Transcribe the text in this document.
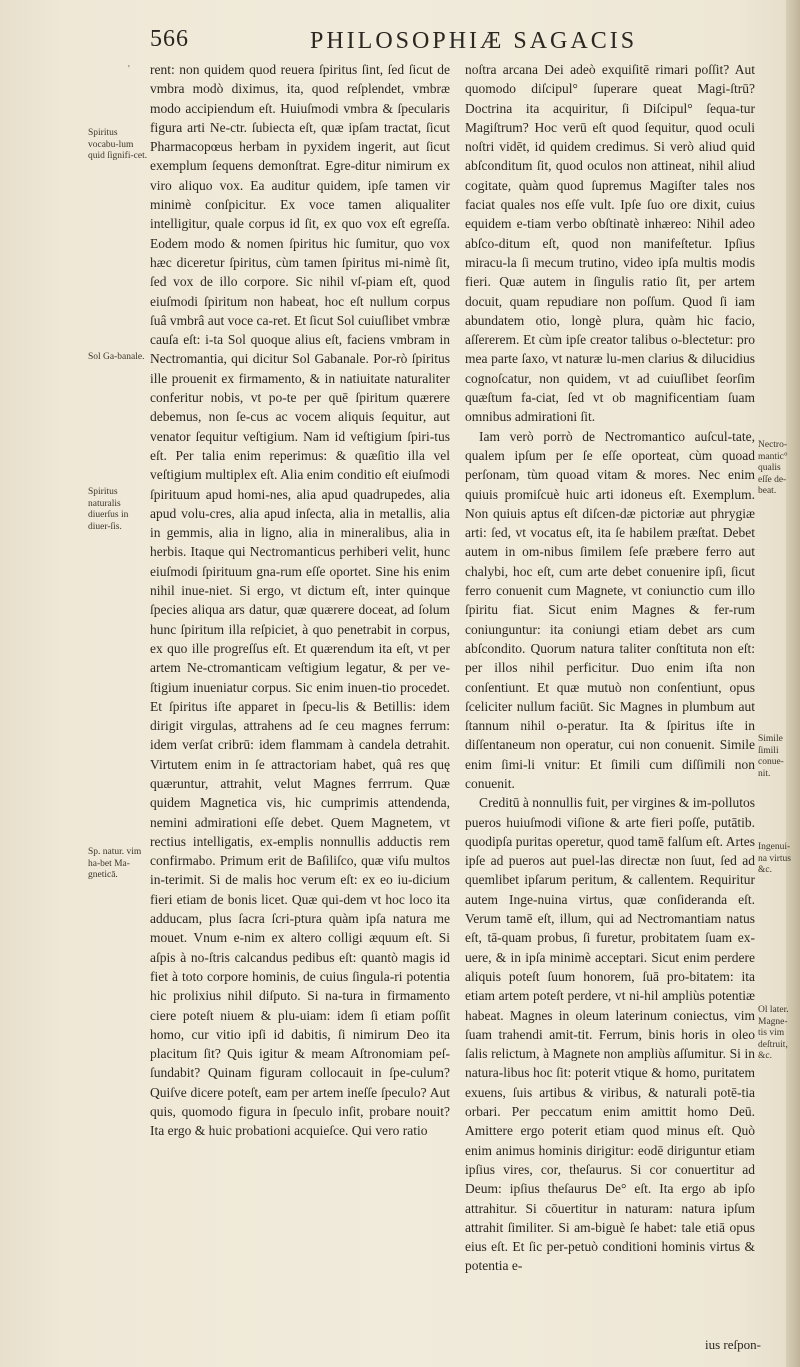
'
566	PHILOSOPHIÆ SAGACIS

rent: non quidem quod reuera ſpiritus ſint, ſed ſicut de vmbra modò diximus, ita, quod reſplendet, vmbræ modo accipiendum eſt. Huiuſmodi vmbra & ſpecularis figura arti Ne-ctr. ſubiecta eſt, quæ ipſam tractat, ſicut Pharmacopœus herbam in pyxidem ingerit, aut ſicut exemplum ſequens demonſtrat. Egre-ditur nimirum ex viro aliquo vox. Ea auditur quidem, ipſe tamen vir minimè conſpicitur. Ex voce tamen aliqualiter intelligitur, quale corpus id ſit, ex quo vox eſt egreſſa. Eodem modo & nomen ſpiritus hic ſumitur, quo vox hæc diceretur ſpiritus, cùm tamen ſpiritus mi-nimè ſit, ſed vox de illo corpore. Sic nihil vſ-piam eſt, quod eiuſmodi ſpiritum non habeat, hoc eſt nullum corpus ſuâ vmbrâ aut voce ca-ret. Et ſicut Sol cuiuſlibet vmbræ cauſa eſt: i-ta Sol quoque alius eſt, faciens vmbram in Nectromantia, qui dicitur Sol Gabanale. Por-rò ſpiritus ille prouenit ex firmamento, & in natiuitate naturaliter conferitur nobis, vt po-te per quē ſpiritum quærere debemus, non ſe-cus ac vocem aliquis ſequitur, aut venator ſequitur veſtigium. Nam id veſtigium ſpiri-tus eſt. Per talia enim reperimus: & quæſitio illa vel veſtigium multiplex eſt. Alia enim conditio eſt eiuſmodi ſpirituum apud homi-nes, alia apud quadrupedes, alia apud volu-cres, alia apud inſecta, alia in metallis, alia in gemmis, alia in ligno, alia in mineralibus, alia in herbis. Itaque qui Nectromanticus perhiberi velit, hunc eiuſmodi ſpirituum gna-rum eſſe oportet. Sine his enim nihil inue-niet. Si ergo, vt dictum eſt, inter quinque ſpecies aliqua ars datur, quæ quærere doceat, ad ſolum hunc ſpiritum illa reſpiciet, à quo penetrabit in corpus, ex quo ille progreſſus eſt. Et quærendum ita eſt, vt per artem Ne-ctromanticam veſtigium legatur, & per ve-ſtigium inueniatur corpus. Sic enim inuen-tio procedet. Et ſpiritus iſte apparet in ſpecu-lis & Betillis: idem dirigit virgulas, attrahens ad ſe ceu magnes ferrum: idem verſat cribrū: idem flammam à candela detrahit. Virtutem enim in ſe attractoriam habet, quâ res quę quæruntur, attrahit, velut Magnes ferrrum. Quæ quidem Magnetica vis, hic cumprimis attendenda, nemini admirationi eſſe debet. Quem Magnetem, vt rectius intelligatis, ex-emplis nonnullis adductis rem confirmabo. Primum erit de Baſiliſco, quæ viſu multos in-terimit. Si de malis hoc verum eſt: ex eo iu-dicium fieri etiam de bonis licet. Quæ qui-dem vt hoc loco ita adducam, plus ſacra ſcri-ptura quàm ipſa natura me mouet. Vnum e-nim ex altero colligi æquum eſt. Si aſpis à no-ſtris calcandus pedibus eſt: quantò magis id fiet à toto corpore hominis, de cuius ſingula-ri potentia hic prolixius nihil diſputo. Si na-tura in firmamento ciere poteſt niuem & plu-uiam: idem ſi etiam poſſit homo, cur vitio ipſi id dabitis, ſi nimirum Deo ita placitum ſit? Quis igitur & meam Aſtronomiam peſ-ſundabit? Quinam figuram collocauit in ſpe-culum? Quiſve dicere poteſt, eam per artem ineſſe ſpeculo? Aut quis, quomodo figura in ſpeculo inſit, probare nouit? Ita ergo & huic probationi acquieſce. Qui vero ratio

noſtra arcana Dei adeò exquiſitē rimari poſſit? Aut quomodo diſcipul° ſuperare queat Magi-ſtrū? Doctrina ita acquiritur, ſi Diſcipul° ſequa-tur Magiſtrum? Hoc verū eſt quod ſequitur, quod oculi noſtri vidēt, id quidem credimus. Si verò aliud quid abſconditum ſit, quod oculos non attineat, nihil aliud cogitate, quàm quod ſupremus Magiſter tales nos faciat quales nos eſſe vult. Ipſe ſuo ore dixit, cuius equidem e-tiam verbo obſtinatè inhæreo: Nihil adeo abſco-ditum eſt, quod non manifeſtetur. Ipſius miracu-la ſi mecum trutino, video ipſa multis modis fieri. Quæ autem in ſingulis ratio ſit, per artem docuit, quam repudiare non poſſum. Quod ſi iam abundatem otio, longè plura, quàm hic facio, aſſererem. Et cùm ipſe creator talibus o-blectetur: pro mea parte ſaxo, vt naturæ lu-men clarius & dilucidius cognoſcatur, non quidem, vt ad cuiuſlibet ſeorſim quæſtum fa-ciat, ſed vt ob magnificentiam ſuam omnibus admirationi ſit.

Iam verò porrò de Nectromantico auſcul-tate, qualem ipſum per ſe eſſe oporteat, cùm quoad perſonam, tùm quoad vitam & mores. Nec enim quiuis promiſcuè huic arti idoneus eſt. Exemplum. Non quiuis aptus eſt diſcen-dæ pictoriæ aut phrygiæ arti: ſed, vt vocatus eſt, ita ſe habilem præſtat. Debet autem in om-nibus ſimilem ſeſe præbere ferro aut chalybi, hoc eſt, cum arte debet conuenire ipſi, ſicut ferro conuenit cum Magnete, vt coniunctio cum illo ſpiritu fiat. Sicut enim Magnes & fer-rum coniunguntur: ita coniungi etiam debet ars cum abſcondito. Quorum natura taliter conſtituta non eſt: per illos nihil perficitur. Duo enim iſta non conſentiunt. Et quæ mutuò non conſentiunt, opus ſceliciter nullum faciūt. Sic Magnes in plumbum aut ſtannum nihil o-peratur. Ita & ſpiritus iſte in diſſentaneum non operatur, cui non conuenit. Simile enim ſimi-li vnitur: Et ſimili cum diſſimili non conuenit.

Creditū à nonnullis fuit, per virgines & im-pollutos pueros huiuſmodi viſione & arte fieri poſſe, putātib. quodipſa puritas operetur, quod tamē falſum eſt. Artes ipſe ad pueros aut puel-las directæ non ſuut, ſed ad quemlibet ipſarum peritum, & callentem. Requiritur autem Inge-nuina virtus, quæ conſideranda eſt. Verum tamē eſt, illum, qui ad Nectromantiam natus eſt, tā-quam probus, ſi furetur, probitatem ſuam ex-uere, & in ipſa minimè acceptari. Sicut enim perdere aliquis poteſt ſuum honorem, ſuā pro-bitatem: ita etiam artem poteſt perdere, vt ni-hil ampliùs potentiæ habeat. Magnes in oleum laterinum coniectus, vim ſuam trahendi amit-tit. Ferrum, binis horis in oleo ſalis relictum, à Magnete non ampliùs aſſumitur. Si in natura-libus hoc ſit: poterit vtique & homo, puritatem exuens, ſuis artibus & viribus, & naturali potē-tia orbari. Per peccatum enim amittit homo Deū. Amittere ergo poterit etiam quod minus eſt. Quò enim animus hominis dirigitur: eodē diriguntur etiam ipſius vires, cor, theſaurus. Si cor conuertitur ad Deum: ipſius theſaurus De° eſt. Ita ergo ab ipſo attrahitur. Si cōuertitur in naturam: natura ipſum attrahit ſimiliter. Si am-biguè ſe habet: tale etiā opus eius eſt. Et ſic per-petuò conditioni hominis virtus & potentia e-

Spiritus vocabu-lum quid ſignifi-cet.
Sol Ga-banale.
Spiritus naturalis diuerſus in diuer-ſis.
Sp. natur. vim ha-bet Ma-gneticā.
Nectro-mantic° qualis eſſe de-beat.
Simile ſimili conue-nit.
Ingenui-na virtus &c.
Ol later. Magne-tis vim deſtruit, &c.
ius reſpon-
